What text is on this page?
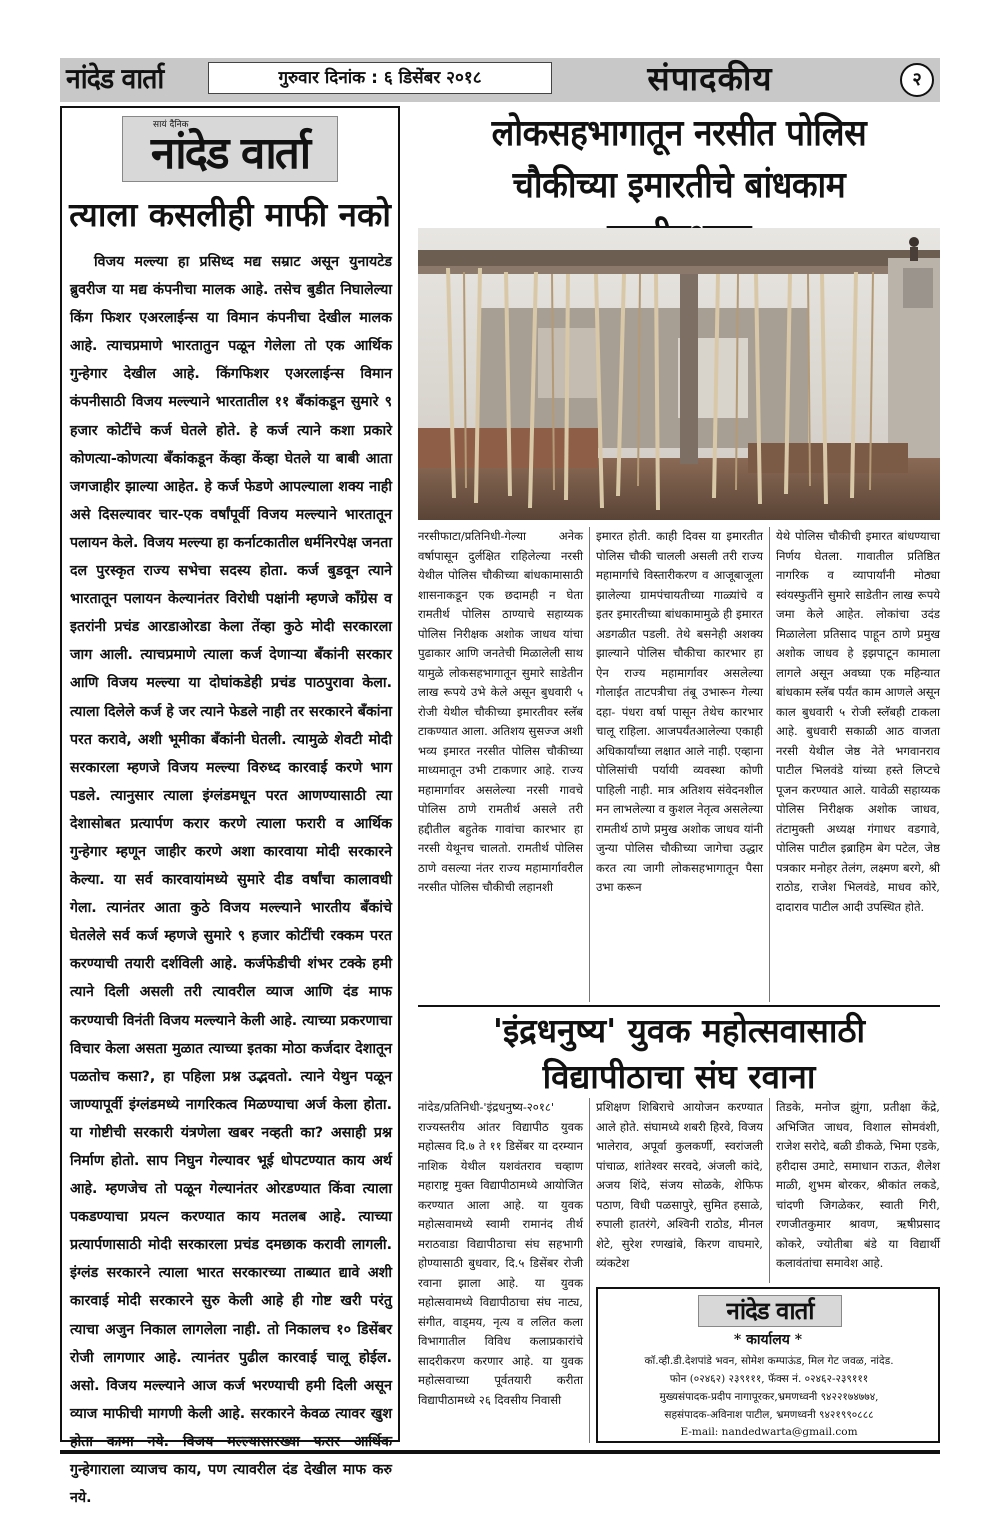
नांदेड वार्ता	गुरुवार दिनांक : ६ डिसेंबर २०१८	संपादकीय	२
सायं दैनिक
नांदेड वार्ता
त्याला कसलीही माफी नको
विजय मल्ल्या हा प्रसिध्द मद्य सम्राट असून युनायटेड ब्रुवरीज या मद्य कंपनीचा मालक आहे. तसेच बुडीत निघालेल्या किंग फिशर एअरलाईन्स या विमान कंपनीचा देखील मालक आहे. त्याचप्रमाणे भारतातुन पळून गेलेला तो एक आर्थिक गुन्हेगार देखील आहे. किंगफिशर एअरलाईन्स विमान कंपनीसाठी विजय मल्ल्याने भारतातील ११ बँकांकडून सुमारे ९ हजार कोटींचे कर्ज घेतले होते. हे कर्ज त्याने कशा प्रकारे कोणत्या-कोणत्या बँकांकडून केंव्हा केंव्हा घेतले या बाबी आता जगजाहीर झाल्या आहेत. हे कर्ज फेडणे आपल्याला शक्य नाही असे दिसल्यावर चार-एक वर्षांपूर्वी विजय मल्ल्याने भारतातून पलायन केले. विजय मल्ल्या हा कर्नाटकातील धर्मनिरपेक्ष जनता दल पुरस्कृत राज्य सभेचा सदस्य होता. कर्ज बुडवून त्याने भारतातून पलायन केल्यानंतर विरोधी पक्षांनी म्हणजे कॉंग्रेस व इतरांनी प्रचंड आरडाओरडा केला तेंव्हा कुठे मोदी सरकारला जाग आली. त्याचप्रमाणे त्याला कर्ज देणाऱ्या बँकांनी सरकार आणि विजय मल्ल्या या दोघांकडेही प्रचंड पाठपुरावा केला. त्याला दिलेले कर्ज हे जर त्याने फेडले नाही तर सरकारने बँकांना परत करावे, अशी भूमीका बँकांनी घेतली. त्यामुळे शेवटी मोदी सरकारला म्हणजे विजय मल्ल्या विरुध्द कारवाई करणे भाग पडले. त्यानुसार त्याला इंग्लंडमधून परत आणण्यासाठी त्या देशासोबत प्रत्यार्पण करार करणे त्याला फरारी व आर्थिक गुन्हेगार म्हणून जाहीर करणे अशा कारवाया मोदी सरकारने केल्या. या सर्व कारवायांमध्ये सुमारे दीड वर्षांचा कालावधी गेला. त्यानंतर आता कुठे विजय मल्ल्याने भारतीय बँकांचे घेतलेले सर्व कर्ज म्हणजे सुमारे ९ हजार कोटींची रक्कम परत करण्याची तयारी दर्शविली आहे. कर्जफेडीची शंभर टक्के हमी त्याने दिली असली तरी त्यावरील व्याज आणि दंड माफ करण्याची विनंती विजय मल्ल्याने केली आहे. त्याच्या प्रकरणाचा विचार केला असता मुळात त्याच्या इतका मोठा कर्जदार देशातून पळतोच कसा?, हा पहिला प्रश्न उद्भवतो. त्याने येथुन पळून जाण्यापूर्वी इंग्लंडमध्ये नागरिकत्व मिळण्याचा अर्ज केला होता. या गोष्टीची सरकारी यंत्रणेला खबर नव्हती का? असाही प्रश्न निर्माण होतो. साप निघुन गेल्यावर भूई धोपटण्यात काय अर्थ आहे. म्हणजेच तो पळून गेल्यानंतर ओरडण्यात किंवा त्याला पकडण्याचा प्रयत्न करण्यात काय मतलब आहे. त्याच्या प्रत्यार्पणासाठी मोदी सरकारला प्रचंड दमछाक करावी लागली. इंग्लंड सरकारने त्याला भारत सरकारच्या ताब्यात द्यावे अशी कारवाई मोदी सरकारने सुरु केली आहे ही गोष्ट खरी परंतु त्याचा अजुन निकाल लागलेला नाही. तो निकालच १० डिसेंबर रोजी लागणार आहे. त्यानंतर पुढील कारवाई चालू होईल. असो. विजय मल्ल्याने आज कर्ज भरण्याची हमी दिली असून व्याज माफीची मागणी केली आहे. सरकारने केवळ त्यावर खुश होता कामा नये. विजय मल्ल्यासारख्या फरार आर्थिक गुन्हेगाराला व्याजच काय, पण त्यावरील दंड देखील माफ करु नये.
लोकसहभागातून नरसीत पोलिस चौकीच्या इमारतीचे बांधकाम
नरसीफाटा/प्रतिनिधी-गेल्या अनेक वर्षापासून दुर्लक्षित राहिलेल्या नरसी येथील पोलिस चौकीच्या बांधकामासाठी शासनाकडून एक छदामही न घेता रामतीर्थ पोलिस ठाण्याचे सहाय्यक पोलिस निरीक्षक अशोक जाधव यांचा पुढाकार आणि जनतेची मिळालेली साथ यामुळे लोकसहभागातून सुमारे साडेतीन लाख रूपये उभे केले असून बुधवारी ५ रोजी येथील चौकीच्या इमारतीवर स्लॅब टाकण्यात आला. अतिशय सुसज्ज अशी भव्य इमारत नरसीत पोलिस चौकीच्या माध्यमातून उभी टाकणार आहे. राज्य महामार्गावर असलेल्या नरसी गावचे पोलिस ठाणे रामतीर्थ असले तरी हद्दीतील बहुतेक गावांचा कारभार हा नरसी येथूनच चालतो. रामतीर्थ पोलिस ठाणे वसल्या नंतर राज्य महामार्गावरील नरसीत पोलिस चौकीची लहानशी
इमारत होती. काही दिवस या इमारतीत पोलिस चौकी चालली असली तरी राज्य महामार्गाचे विस्तारीकरण व आजूबाजूला झालेल्या ग्रामपंचायतीच्या गाळ्यांचे व इतर इमारतीच्या बांधकामामुळे ही इमारत अडगळीत पडली. तेथे बसनेही अशक्य झाल्याने पोलिस चौकीचा कारभार हा ऐन राज्य महामार्गावर असलेल्या गोलाईत ताटपत्रीचा तंबू उभारून गेल्या दहा- पंधरा वर्षा पासून तेथेच कारभार चालू राहिला. आजपर्यंतआलेल्या एकाही अधिकार्यांच्या लक्षात आले नाही. एव्हाना पोलिसांची पर्यायी व्यवस्था कोणी पाहिली नाही. मात्र अतिशय संवेदनशील मन लाभलेल्या व कुशल नेतृत्व असलेल्या रामतीर्थ ठाणे प्रमुख अशोक जाधव यांनी जुन्या पोलिस चौकीच्या जागेचा उद्धार करत त्या जागी लोकसहभागातून पैसा उभा करून
येथे पोलिस चौकीची इमारत बांधण्याचा निर्णय घेतला. गावातील प्रतिष्ठित नागरिक व व्यापार्यांनी मोठ्या स्वंयस्फुर्तीने सुमारे साडेतीन लाख रूपये जमा केले आहेत. लोकांचा उदंड मिळालेला प्रतिसाद पाहून ठाणे प्रमुख अशोक जाधव हे इझपाटून कामाला लागले असून अवघ्या एक महिन्यात बांधकाम स्लॅब पर्यंत काम आणले असून काल बुधवारी ५ रोजी स्लॅबही टाकला आहे. बुधवारी सकाळी आठ वाजता नरसी येथील जेष्ठ नेते भगवानराव पाटील भिलवंडे यांच्या हस्ते लिप्टचे पूजन करण्यात आले. यावेळी सहाय्यक पोलिस निरीक्षक अशोक जाधव, तंटामुक्ती अध्यक्ष गंगाधर वडगावे, पोलिस पाटील इब्राहिम बेग पटेल, जेष्ठ पत्रकार मनोहर तेलंग, लक्ष्मण बरगे, श्री राठोड, राजेश भिलवंडे, माधव कोरे, दादाराव पाटील आदी उपस्थित होते.
'इंद्रधनुष्य' युवक महोत्सवासाठी विद्यापीठाचा संघ रवाना
नांदेड/प्रतिनिधी-'इंद्रधनुष्य-२०१८' राज्यस्तरीय आंतर विद्यापीठ युवक महोत्सव दि.७ ते ११ डिसेंबर या दरम्यान नाशिक येथील यशवंतराव चव्हाण महाराष्ट्र मुक्त विद्यापीठामध्ये आयोजित करण्यात आला आहे. या युवक महोत्सवामध्ये स्वामी रामानंद तीर्थ मराठवाडा विद्यापीठाचा संघ सहभागी होण्यासाठी बुधवार, दि.५ डिसेंबर रोजी रवाना झाला आहे. या युवक महोत्सवामध्ये विद्यापीठाचा संघ नाट्य, संगीत, वाड्मय, नृत्य व ललित कला विभागातील विविध कलाप्रकारांचे सादरीकरण करणार आहे. या युवक महोत्सवाच्या पूर्वतयारी करीता विद्यापीठामध्ये २६ दिवसीय निवासी
प्रशिक्षण शिबिराचे आयोजन करण्यात आले होते. संघामध्ये शबरी हिरवे, विजय भालेराव, अपूर्वा कुलकर्णी, स्वरांजली पांचाळ, शांतेश्वर सरवदे, अंजली कांदे, अजय शिंदे, संजय सोळके, शेफिफ पठाण, विधी पळसापुरे, सुमित हसाळे, रुपाली हातरंगे, अश्विनी राठोड, मीनल शेटे, सुरेश रणखांबे, किरण वाघमारे, व्यंकटेश
तिडके, मनोज झुंगा, प्रतीक्षा केंद्रे, अभिजित जाधव, विशाल सोमवंशी, राजेश सरोदे, बळी डीकळे, भिमा एडके, हरीदास उमाटे, समाधान राऊत, शैलेश माळी, शुभम बोरकर, श्रीकांत लकडे, चांदणी जिगळेकर, स्वाती गिरी, रणजीतकुमार श्रावण, ऋषीप्रसाद कोकरे, ज्योतीबा बंडे या विद्यार्थी कलावंतांचा समावेश आहे.
नांदेड वार्ता
* कार्यालय *
कॉ.व्ही.डी.देशपांडे भवन, सोमेश कम्पाऊंड, मिल गेट जवळ, नांदेड.
फोन (०२४६२) २३९१११, फॅक्स नं. ०२४६२-२३९१११
मुख्यसंपादक-प्रदीप नागापूरकर,भ्रमणध्वनी ९४२२१७४७७४,
सहसंपादक-अविनाश पाटील, भ्रमणध्वनी ९४२१९९०८८८
E-mail: nandedwarta@gmail.com
